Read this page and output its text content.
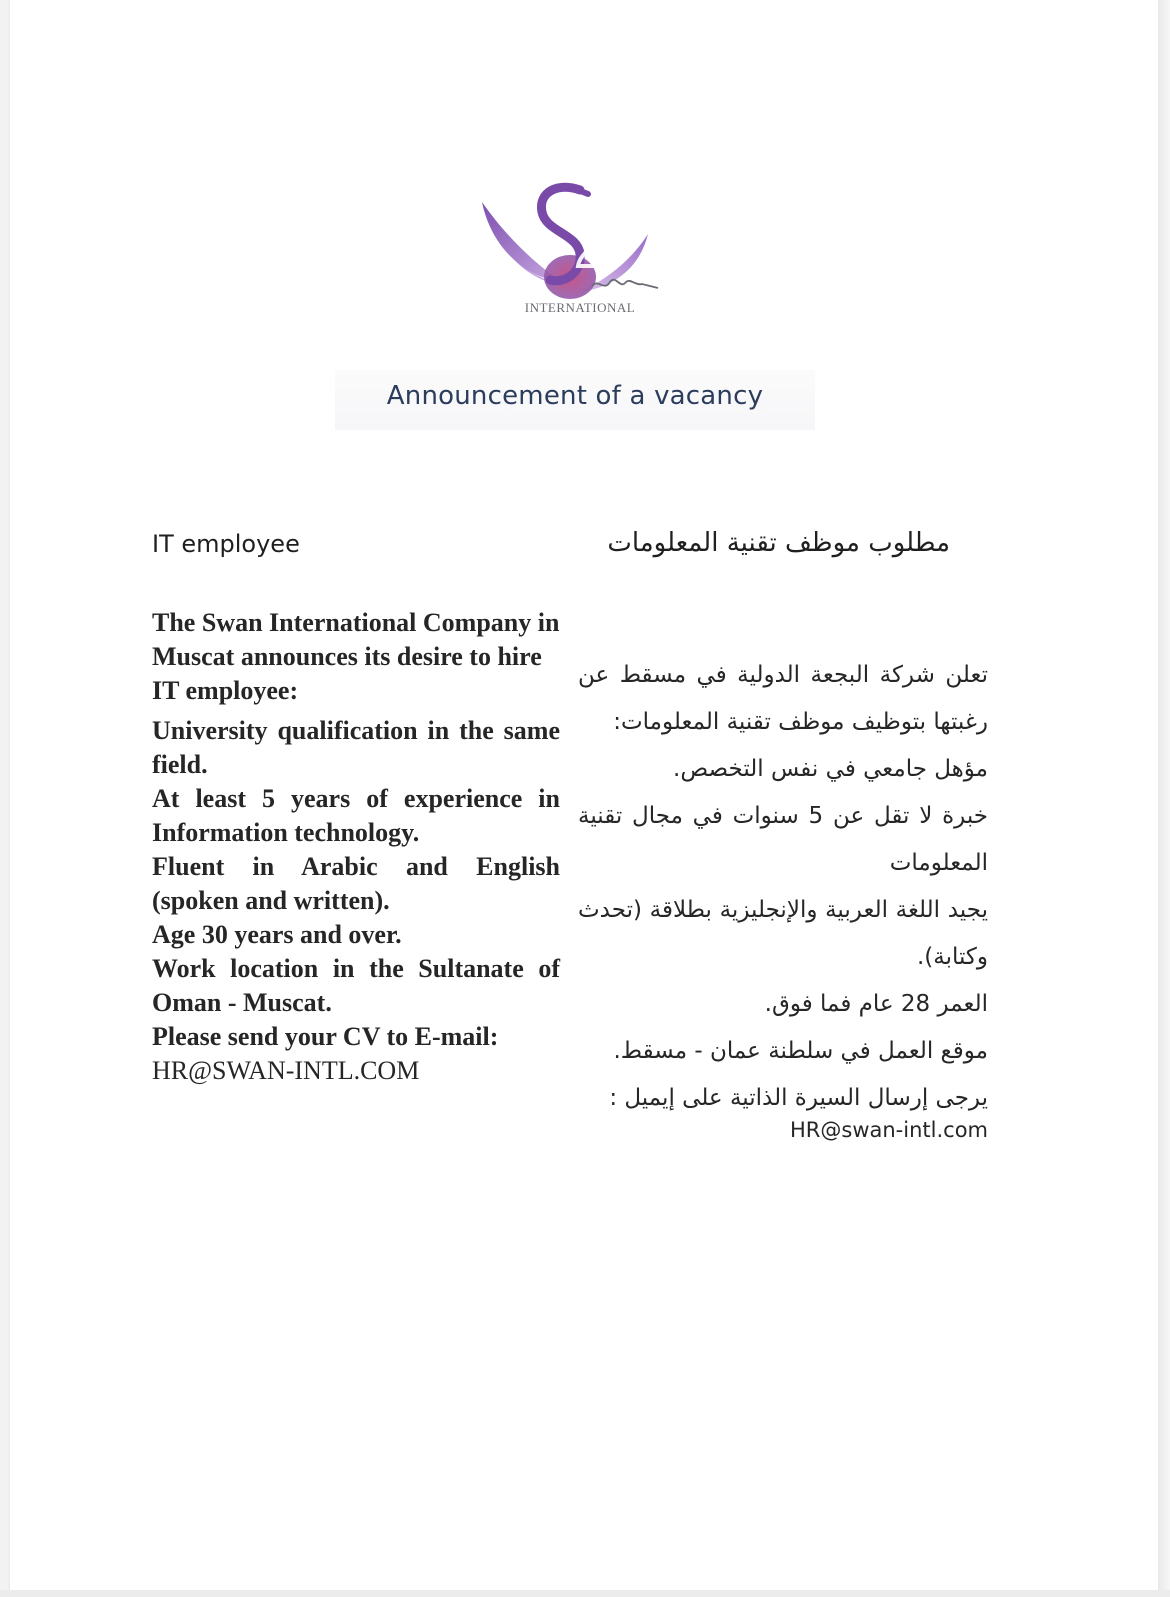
INTERNATIONAL
Announcement of a vacancy
IT employee

The Swan International Company in Muscat announces its desire to hire IT employee:

University qualification in the same field.

At least 5 years of experience in Information technology.

Fluent in Arabic and English (spoken and written).

Age 30 years and over.

Work location in the Sultanate of Oman - Muscat.

Please send your CV to E-mail:

HR@SWAN-INTL.COM

مطلوب موظف تقنية المعلومات

تعلن شركة البجعة الدولية في مسقط عن رغبتها بتوظيف موظف تقنية المعلومات:

مؤهل جامعي في نفس التخصص.

خبرة لا تقل عن 5 سنوات في مجال تقنية المعلومات

يجيد اللغة العربية والإنجليزية بطلاقة (تحدث وكتابة).

العمر 28 عام فما فوق.

موقع العمل في سلطنة عمان - مسقط.

يرجى إرسال السيرة الذاتية على إيميل :

HR@swan-intl.com
